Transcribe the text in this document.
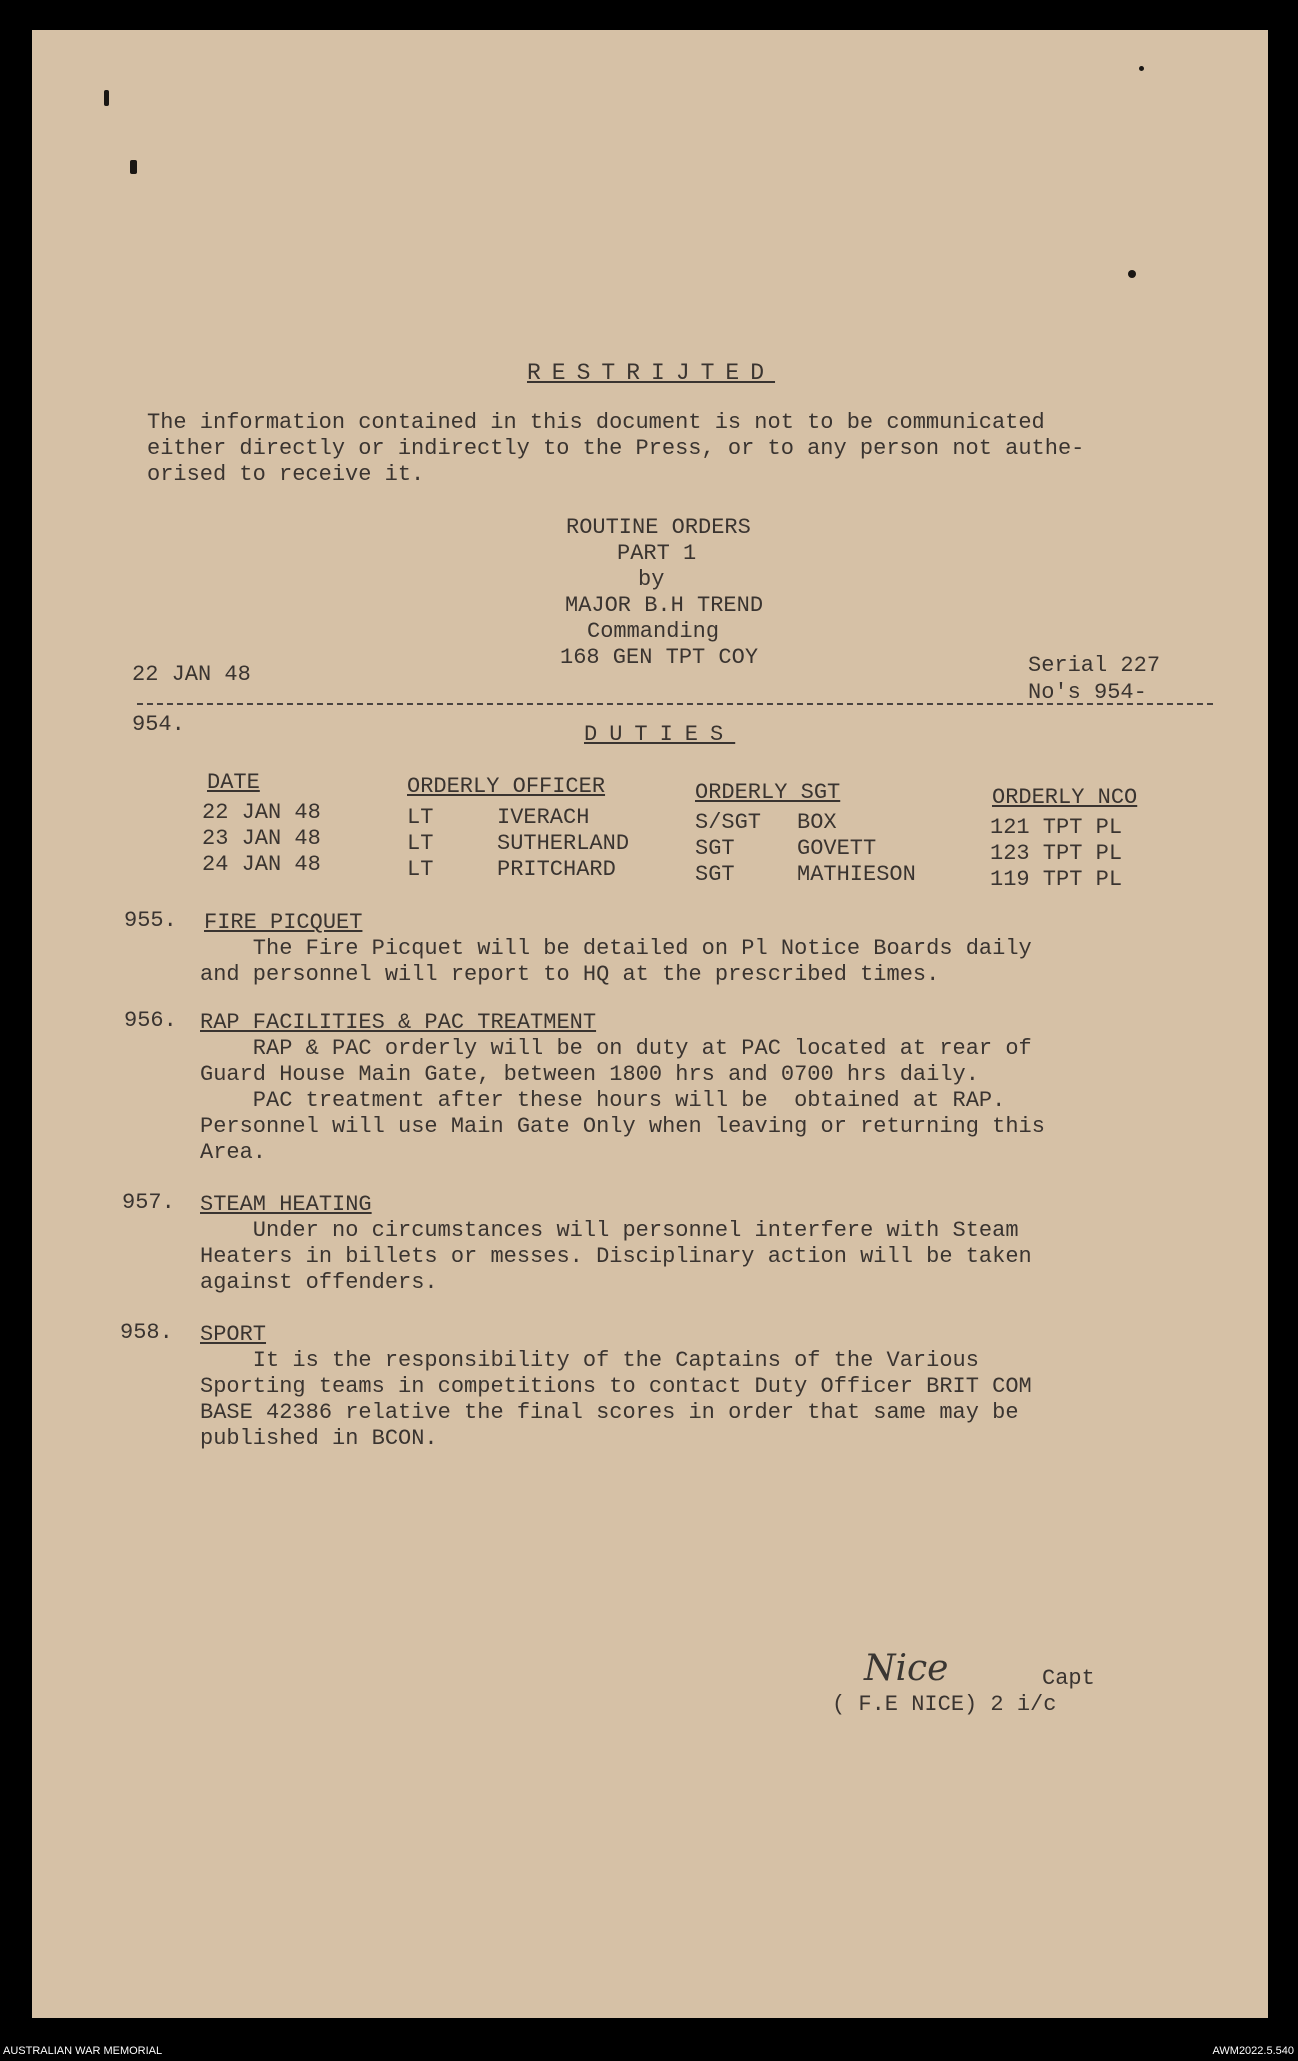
RESTRIJTED
The information contained in this document is not to be communicated
either directly or indirectly to the Press, or to any person not authe-
orised to receive it.
ROUTINE ORDERS
PART 1
by
MAJOR B.H TREND
Commanding
168 GEN TPT COY
22 JAN 48	Serial 227
No's 954-
954.	DUTIES
DATE	ORDERLY OFFICER	ORDERLY SGT	ORDERLY NCO
22 JAN 48	LT	IVERACH	S/SGT BOX	121 TPT PL
23 JAN 48	LT	SUTHERLAND	SGT	GOVETT	123 TPT PL
24 JAN 48	LT	PRITCHARD	SGT	MATHIESON	119 TPT PL
955. FIRE PICQUET
The Fire Picquet will be detailed on Pl Notice Boards daily
and personnel will report to HQ at the prescribed times.
956. RAP FACILITIES & PAC TREATMENT
RAP & PAC orderly will be on duty at PAC located at rear of
Guard House Main Gate, between 1800 hrs and 0700 hrs daily.
PAC treatment after these hours will be  obtained at RAP.
Personnel will use Main Gate Only when leaving or returning this
Area.
957. STEAM HEATING
Under no circumstances will personnel interfere with Steam
Heaters in billets or messes. Disciplinary action will be taken
against offenders.
958. SPORT
It is the responsibility of the Captains of the Various
Sporting teams in competitions to contact Duty Officer BRIT COM
BASE 42386 relative the final scores in order that same may be
published in BCON.
Nice	Capt
( F.E NICE) 2 i/c
AUSTRALIAN WAR MEMORIAL	AWM2022.5.540
